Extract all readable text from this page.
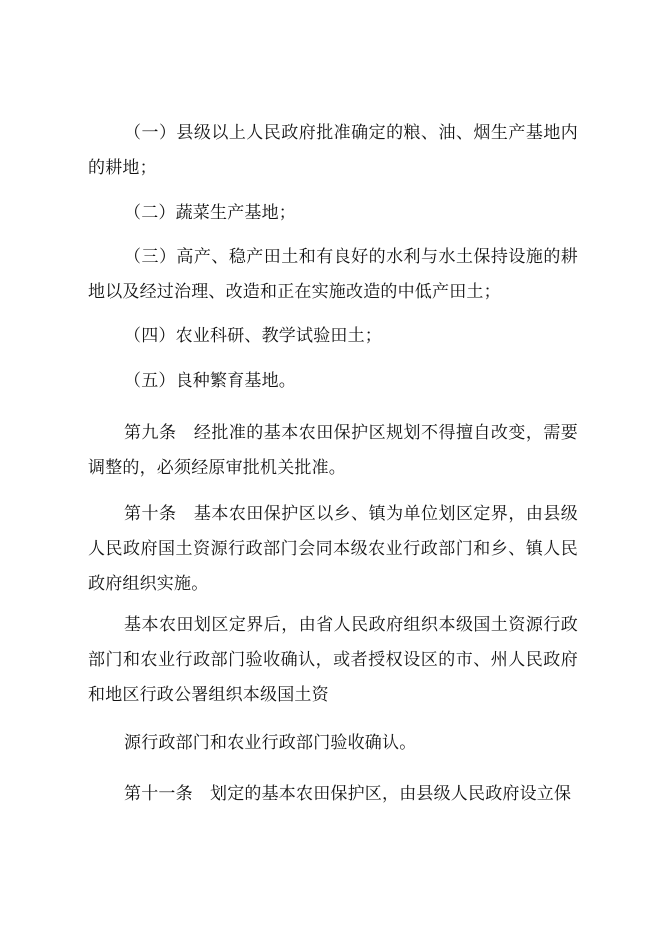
（一）县级以上人民政府批准确定的粮、油、烟生产基地内的耕地；

（二）蔬菜生产基地；

（三）高产、稳产田土和有良好的水利与水土保持设施的耕地以及经过治理、改造和正在实施改造的中低产田土；

（四）农业科研、教学试验田土；

（五）良种繁育基地。

第九条　经批准的基本农田保护区规划不得擅自改变，需要调整的，必须经原审批机关批准。

第十条　基本农田保护区以乡、镇为单位划区定界，由县级人民政府国土资源行政部门会同本级农业行政部门和乡、镇人民政府组织实施。

基本农田划区定界后，由省人民政府组织本级国土资源行政部门和农业行政部门验收确认，或者授权设区的市、州人民政府和地区行政公署组织本级国土资

源行政部门和农业行政部门验收确认。

第十一条　划定的基本农田保护区，由县级人民政府设立保
